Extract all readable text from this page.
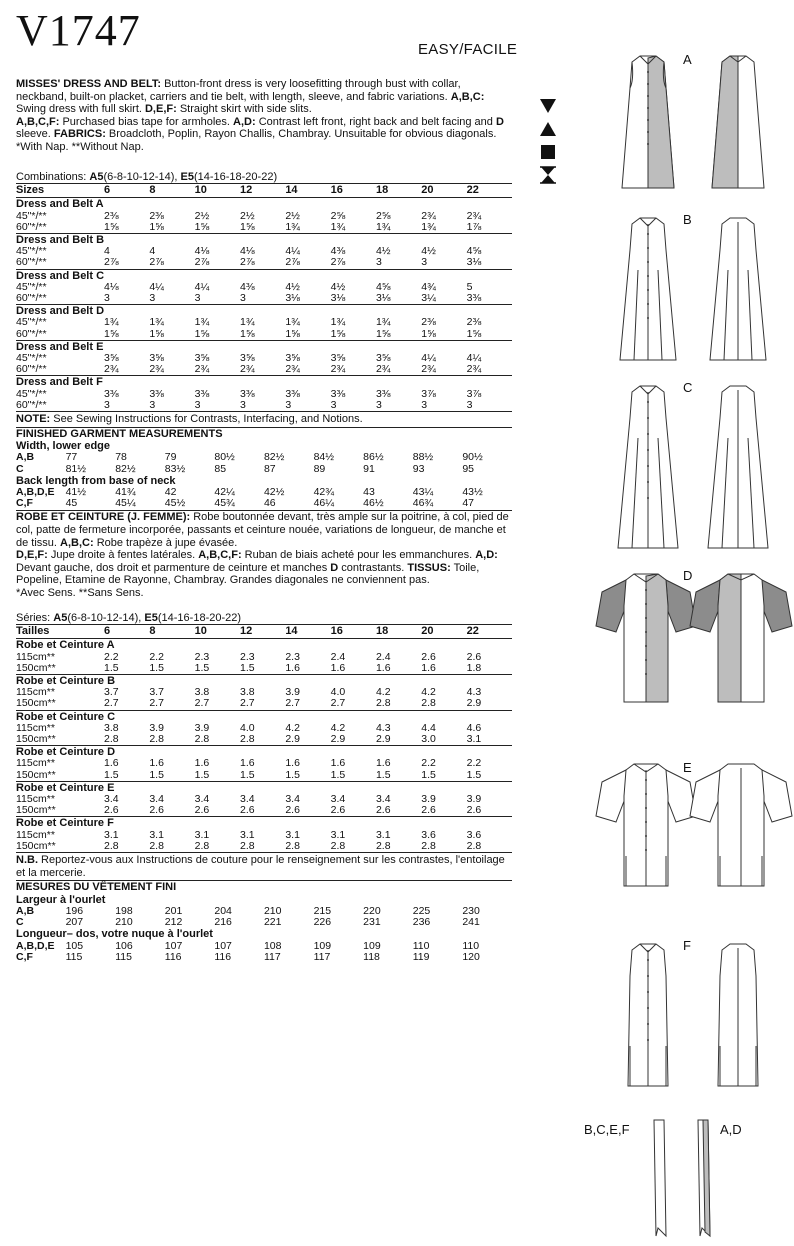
V1747	EASY/FACILE
MISSES' DRESS AND BELT: Button-front dress is very loosefitting through bust with collar, neckband, built-on placket, carriers and tie belt, with length, sleeve, and fabric variations. A,B,C: Swing dress with full skirt. D,E,F: Straight skirt with side slits.
A,B,C,F: Purchased bias tape for armholes. A,D: Contrast left front, right back and belt facing and D sleeve. FABRICS: Broadcloth, Poplin, Rayon Challis, Chambray. Unsuitable for obvious diagonals.
*With Nap. **Without Nap.
Combinations: A5(6-8-10-12-14), E5(14-16-18-20-22)
Sizes	6	8	10	12	14	16	18	20	22
Dress and Belt A									
45"*/**	2⅜	2⅜	2½	2½	2½	2⅝	2⅝	2¾	2¾
60"*/**	1⅝	1⅝	1⅝	1⅝	1¾	1¾	1¾	1¾	1⅞
Dress and Belt B									
45"*/**	4	4	4⅛	4⅛	4¼	4⅜	4½	4½	4⅝
60"*/**	2⅞	2⅞	2⅞	2⅞	2⅞	2⅞	3	3	3⅛
Dress and Belt C									
45"*/**	4⅛	4¼	4¼	4⅜	4½	4½	4⅝	4¾	5
60"*/**	3	3	3	3	3⅛	3⅛	3⅛	3¼	3⅜
Dress and Belt D									
45"*/**	1¾	1¾	1¾	1¾	1¾	1¾	1¾	2⅜	2⅜
60"*/**	1⅝	1⅝	1⅝	1⅝	1⅝	1⅝	1⅝	1⅝	1⅝
Dress and Belt E									
45"*/**	3⅝	3⅝	3⅝	3⅝	3⅝	3⅝	3⅝	4¼	4¼
60"*/**	2¾	2¾	2¾	2¾	2¾	2¾	2¾	2¾	2¾
Dress and Belt F									
45"*/**	3⅜	3⅜	3⅜	3⅜	3⅜	3⅜	3⅜	3⅞	3⅞
60"*/**	3	3	3	3	3	3	3	3	3
NOTE: See Sewing Instructions for Contrasts, Interfacing, and Notions.
FINISHED GARMENT MEASUREMENTS
Width, lower edge									
A,B	77	78	79	80½	82½	84½	86½	88½	90½
C	81½	82½	83½	85	87	89	91	93	95
Back length from base of neck									
A,B,D,E	41½	41¾	42	42¼	42½	42¾	43	43¼	43½
C,F	45	45¼	45½	45¾	46	46¼	46½	46¾	47
ROBE ET CEINTURE (J. FEMME): Robe boutonnée devant, très ample sur la poitrine, à col, pied de col, patte de fermeture incorporée, passants et ceinture nouée, variations de longueur, de manche et de tissu. A,B,C: Robe trapèze à jupe évasée.
D,E,F: Jupe droite à fentes latérales. A,B,C,F: Ruban de biais acheté pour les emmanchures. A,D: Devant gauche, dos droit et parmenture de ceinture et manches D contrastants. TISSUS: Toile, Popeline, Etamine de Rayonne, Chambray. Grandes diagonales ne conviennent pas.
*Avec Sens. **Sans Sens.
Séries: A5(6-8-10-12-14), E5(14-16-18-20-22)
Tailles	6	8	10	12	14	16	18	20	22
Robe et Ceinture A									
115cm**	2.2	2.2	2.3	2.3	2.3	2.4	2.4	2.6	2.6
150cm**	1.5	1.5	1.5	1.5	1.6	1.6	1.6	1.6	1.8
Robe et Ceinture B									
115cm**	3.7	3.7	3.8	3.8	3.9	4.0	4.2	4.2	4.3
150cm**	2.7	2.7	2.7	2.7	2.7	2.7	2.8	2.8	2.9
Robe et Ceinture C									
115cm**	3.8	3.9	3.9	4.0	4.2	4.2	4.3	4.4	4.6
150cm**	2.8	2.8	2.8	2.8	2.9	2.9	2.9	3.0	3.1
Robe et Ceinture D									
115cm**	1.6	1.6	1.6	1.6	1.6	1.6	1.6	2.2	2.2
150cm**	1.5	1.5	1.5	1.5	1.5	1.5	1.5	1.5	1.5
Robe et Ceinture E									
115cm**	3.4	3.4	3.4	3.4	3.4	3.4	3.4	3.9	3.9
150cm**	2.6	2.6	2.6	2.6	2.6	2.6	2.6	2.6	2.6
Robe et Ceinture F									
115cm**	3.1	3.1	3.1	3.1	3.1	3.1	3.1	3.6	3.6
150cm**	2.8	2.8	2.8	2.8	2.8	2.8	2.8	2.8	2.8
N.B. Reportez-vous aux Instructions de couture pour le renseignement sur les contrastes, l'entoilage et la mercerie.
MESURES DU VÊTEMENT FINI
Largeur à l'ourlet									
A,B	196	198	201	204	210	215	220	225	230
C	207	210	212	216	221	226	231	236	241
Longueur– dos, votre nuque à l'ourlet									
A,B,D,E	105	106	107	107	108	109	109	110	110
C,F	115	115	116	116	117	117	118	119	120
A
B
C
D
E
F
B,C,E,F	A,D
